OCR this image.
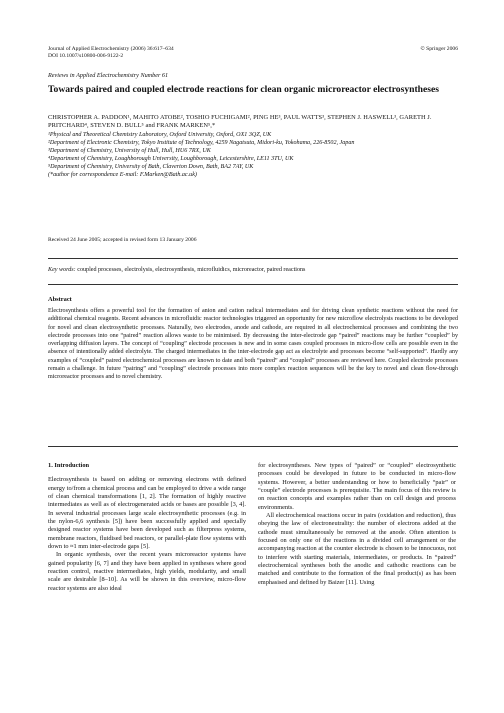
Journal of Applied Electrochemistry (2006) 36:617–634
DOI 10.1007/s10800-006-9122-2
© Springer 2006
Reviews in Applied Electrochemistry Number 61
Towards paired and coupled electrode reactions for clean organic microreactor electrosyntheses
CHRISTOPHER A. PADDON¹, MAHITO ATOBE², TOSHIO FUCHIGAMI², PING HE³, PAUL WATTS³, STEPHEN J. HASWELL³, GARETH J. PRITCHARD⁴, STEVEN D. BULL⁵ and FRANK MARKEN⁵,*
¹Physical and Theoretical Chemistry Laboratory, Oxford University, Oxford, OX1 3QZ, UK
²Department of Electronic Chemistry, Tokyo Institute of Technology, 4259 Nagatsuta, Midori-ku, Yokohama, 226-8502, Japan
³Department of Chemistry, University of Hull, Hull, HU6 7RX, UK
⁴Department of Chemistry, Loughborough University, Loughborough, Leicestershire, LE11 3TU, UK
⁵Department of Chemistry, University of Bath, Claverton Down, Bath, BA2 7AY, UK
(*author for correspondence E-mail: F.Marken@Bath.ac.uk)
Received 24 June 2005; accepted in revised form 13 January 2006
Key words: coupled processes, electrolysis, electrosynthesis, microfluidics, microreactor, paired reactions
Abstract
Electrosynthesis offers a powerful tool for the formation of anion and cation radical intermediates and for driving clean synthetic reactions without the need for additional chemical reagents. Recent advances in microfluidic reactor technologies triggered an opportunity for new microflow electrolysis reactions to be developed for novel and clean electrosynthetic processes. Naturally, two electrodes, anode and cathode, are required in all electrochemical processes and combining the two electrode processes into one “paired” reaction allows waste to be minimised. By decreasing the inter-electrode gap “paired” reactions may be further “coupled” by overlapping diffusion layers. The concept of “coupling” electrode processes is new and in some cases coupled processes in micro-flow cells are possible even in the absence of intentionally added electrolyte. The charged intermediates in the inter-electrode gap act as electrolyte and processes become “self-supported”. Hardly any examples of “coupled” paired electrochemical processes are known to date and both “paired” and “coupled” processes are reviewed here. Coupled electrode processes remain a challenge. In future “pairing” and “coupling” electrode processes into more complex reaction sequences will be the key to novel and clean flow-through microreactor processes and to novel chemistry.
1. Introduction
Electrosynthesis is based on adding or removing electrons with defined energy to/from a chemical process and can be employed to drive a wide range of clean chemical transformations [1, 2]. The formation of highly reactive intermediates as well as of electrogenerated acids or bases are possible [3, 4]. In several industrial processes large scale electrosynthetic processes (e.g. in the nylon-6,6 synthesis [5]) have been successfully applied and specially designed reactor systems have been developed such as filterpress systems, membrane reactors, fluidised bed reactors, or parallel-plate flow systems with down to ≈1 mm inter-electrode gaps [5].
In organic synthesis, over the recent years microreactor systems have gained popularity [6, 7] and they have been applied in syntheses where good reaction control, reactive intermediates, high yields, modularity, and small scale are desirable [8–10]. As will be shown in this overview, micro-flow reactor systems are also ideal
for electrosyntheses. New types of “paired” or “coupled” electrosynthetic processes could be developed in future to be conducted in micro-flow systems. However, a better understanding or how to beneficially “pair” or “couple” electrode processes is prerequisite. The main focus of this review is on reaction concepts and examples rather than on cell design and process environments.
All electrochemical reactions occur in pairs (oxidation and reduction), thus obeying the law of electroneutrality: the number of electrons added at the cathode must simultaneously be removed at the anode. Often attention is focused on only one of the reactions in a divided cell arrangement or the accompanying reaction at the counter electrode is chosen to be innocuous, not to interfere with starting materials, intermediates, or products. In “paired” electrochemical syntheses both the anodic and cathodic reactions can be matched and contribute to the formation of the final product(s) as has been emphasised and defined by Baizer [11]. Using
